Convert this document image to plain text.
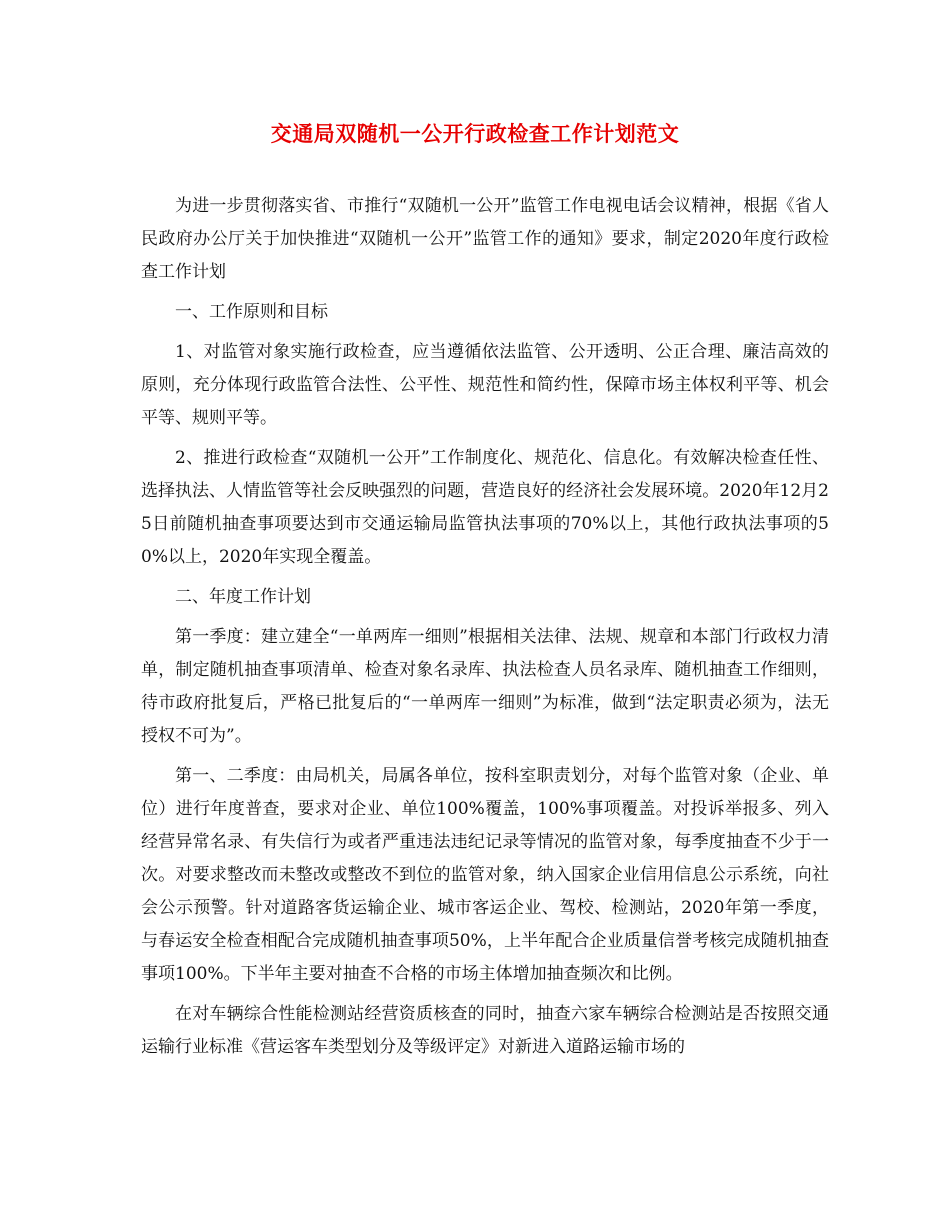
交通局双随机一公开行政检查工作计划范文

为进一步贯彻落实省、市推行“双随机一公开”监管工作电视电话会议精神，根据《省人民政府办公厅关于加快推进“双随机一公开”监管工作的通知》要求，制定2020年度行政检查工作计划

一、工作原则和目标

1、对监管对象实施行政检查，应当遵循依法监管、公开透明、公正合理、廉洁高效的原则，充分体现行政监管合法性、公平性、规范性和简约性，保障市场主体权利平等、机会平等、规则平等。

2、推进行政检查“双随机一公开”工作制度化、规范化、信息化。有效解决检查任性、选择执法、人情监管等社会反映强烈的问题，营造良好的经济社会发展环境。2020年12月25日前随机抽查事项要达到市交通运输局监管执法事项的70%以上，其他行政执法事项的50%以上，2020年实现全覆盖。

二、年度工作计划

第一季度：建立建全“一单两库一细则”根据相关法律、法规、规章和本部门行政权力清单，制定随机抽查事项清单、检查对象名录库、执法检查人员名录库、随机抽查工作细则，待市政府批复后，严格已批复后的“一单两库一细则”为标准，做到“法定职责必须为，法无授权不可为”。

第一、二季度：由局机关，局属各单位，按科室职责划分，对每个监管对象（企业、单位）进行年度普查，要求对企业、单位100%覆盖，100%事项覆盖。对投诉举报多、列入经营异常名录、有失信行为或者严重违法违纪记录等情况的监管对象，每季度抽查不少于一次。对要求整改而未整改或整改不到位的监管对象，纳入国家企业信用信息公示系统，向社会公示预警。针对道路客货运输企业、城市客运企业、驾校、检测站，2020年第一季度，与春运安全检查相配合完成随机抽查事项50%，上半年配合企业质量信誉考核完成随机抽查事项100%。下半年主要对抽查不合格的市场主体增加抽查频次和比例。

在对车辆综合性能检测站经营资质核查的同时，抽查六家车辆综合检测站是否按照交通运输行业标准《营运客车类型划分及等级评定》对新进入道路运输市场的
